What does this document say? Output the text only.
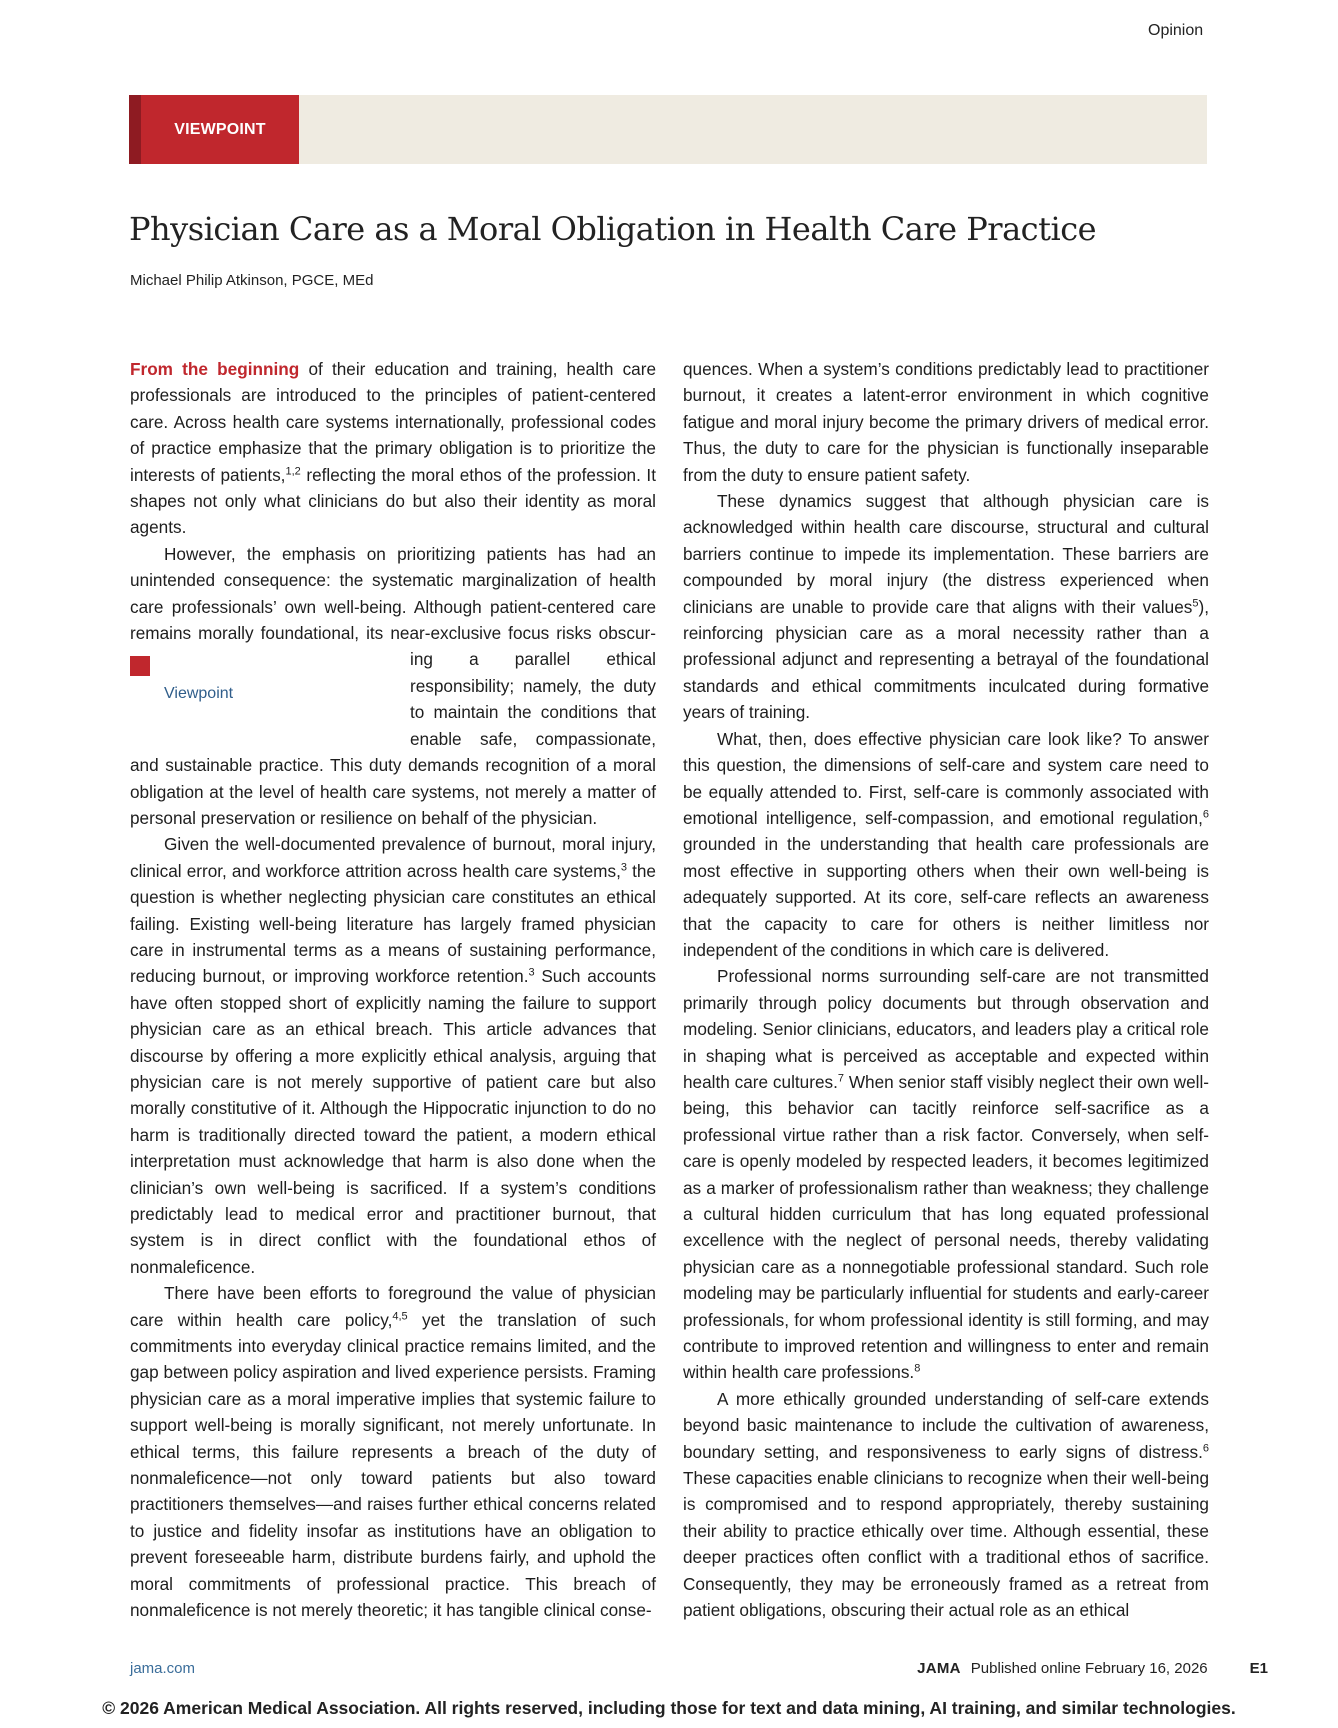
Opinion
VIEWPOINT
Physician Care as a Moral Obligation in Health Care Practice
Michael Philip Atkinson, PGCE, MEd

From the beginning of their education and training, health care professionals are introduced to the principles of patient-centered care. Across health care systems internationally, professional codes of practice emphasize that the primary obligation is to prioritize the interests of patients,$^{1,2}$ reflecting the moral ethos of the profession. It shapes not only what clinicians do but also their identity as moral agents.

However, the emphasis on prioritizing patients has had an unintended consequence: the systematic marginalization of health care professionals’ own well-being. Although patient-centered care remains morally foundational, its near-exclusive focus risks obscur-
+
Viewpoint
ing a parallel ethical responsibility; namely, the duty to maintain the conditions that enable safe, compassionate, and sustainable practice. This duty demands recognition of a moral obligation at the level of health care systems, not merely a matter of personal preservation or resilience on behalf of the physician.

Given the well-documented prevalence of burnout, moral injury, clinical error, and workforce attrition across health care systems,$^3$ the question is whether neglecting physician care constitutes an ethical failing. Existing well-being literature has largely framed physician care in instrumental terms as a means of sustaining performance, reducing burnout, or improving workforce retention.$^3$ Such accounts have often stopped short of explicitly naming the failure to support physician care as an ethical breach. This article advances that discourse by offering a more explicitly ethical analysis, arguing that physician care is not merely supportive of patient care but also morally constitutive of it. Although the Hippocratic injunction to do no harm is traditionally directed toward the patient, a modern ethical interpretation must acknowledge that harm is also done when the clinician’s own well-being is sacrificed. If a system’s conditions predictably lead to medical error and practitioner burnout, that system is in direct conflict with the foundational ethos of nonmaleficence.

There have been efforts to foreground the value of physician care within health care policy,$^{4,5}$ yet the translation of such commitments into everyday clinical practice remains limited, and the gap between policy aspiration and lived experience persists. Framing physician care as a moral imperative implies that systemic failure to support well-being is morally significant, not merely unfortunate. In ethical terms, this failure represents a breach of the duty of nonmaleficence—not only toward patients but also toward practitioners themselves—and raises further ethical concerns related to justice and fidelity insofar as institutions have an obligation to prevent foreseeable harm, distribute burdens fairly, and uphold the moral commitments of professional practice. This breach of nonmaleficence is not merely theoretic; it has tangible clinical conse-

quences. When a system’s conditions predictably lead to practitioner burnout, it creates a latent-error environment in which cognitive fatigue and moral injury become the primary drivers of medical error. Thus, the duty to care for the physician is functionally inseparable from the duty to ensure patient safety.

These dynamics suggest that although physician care is acknowledged within health care discourse, structural and cultural barriers continue to impede its implementation. These barriers are compounded by moral injury (the distress experienced when clinicians are unable to provide care that aligns with their values$^5$), reinforcing physician care as a moral necessity rather than a professional adjunct and representing a betrayal of the foundational standards and ethical commitments inculcated during formative years of training.

What, then, does effective physician care look like? To answer this question, the dimensions of self-care and system care need to be equally attended to. First, self-care is commonly associated with emotional intelligence, self-compassion, and emotional regulation,$^6$ grounded in the understanding that health care professionals are most effective in supporting others when their own well-being is adequately supported. At its core, self-care reflects an awareness that the capacity to care for others is neither limitless nor independent of the conditions in which care is delivered.

Professional norms surrounding self-care are not transmitted primarily through policy documents but through observation and modeling. Senior clinicians, educators, and leaders play a critical role in shaping what is perceived as acceptable and expected within health care cultures.$^7$ When senior staff visibly neglect their own well-being, this behavior can tacitly reinforce self-sacrifice as a professional virtue rather than a risk factor. Conversely, when self-care is openly modeled by respected leaders, it becomes legitimized as a marker of professionalism rather than weakness; they challenge a cultural hidden curriculum that has long equated professional excellence with the neglect of personal needs, thereby validating physician care as a nonnegotiable professional standard. Such role modeling may be particularly influential for students and early-career professionals, for whom professional identity is still forming, and may contribute to improved retention and willingness to enter and remain within health care professions.$^8$

A more ethically grounded understanding of self-care extends beyond basic maintenance to include the cultivation of awareness, boundary setting, and responsiveness to early signs of distress.$^6$ These capacities enable clinicians to recognize when their well-being is compromised and to respond appropriately, thereby sustaining their ability to practice ethically over time. Although essential, these deeper practices often conflict with a traditional ethos of sacrifice. Consequently, they may be erroneously framed as a retreat from patient obligations, obscuring their actual role as an ethical

jama.com	JAMA Published online February 16, 2026	E1
© 2026 American Medical Association. All rights reserved, including those for text and data mining, AI training, and similar technologies.
